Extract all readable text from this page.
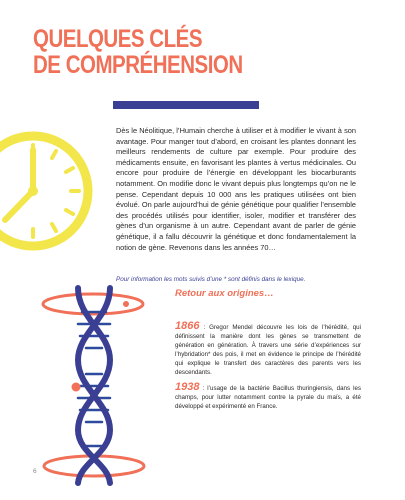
QUELQUES CLÉS
DE COMPRÉHENSION

Dès le Néolitique, l’Humain cherche à utiliser et à modifier le vivant à son avantage. Pour manger tout d’abord, en croisant les plantes donnant les meilleurs rendements de culture par exemple. Pour produire des médicaments ensuite, en favorisant les plantes à vertus médicinales. Ou encore pour produire de l’énergie en développant les biocarburants notamment. On modifie donc le vivant depuis plus longtemps qu’on ne le pense. Cependant depuis 10 000 ans les pratiques utilisées ont bien évolué. On parle aujourd’hui de génie génétique pour qualifier l’ensemble des procédés utilisés pour identifier, isoler, modifier et transférer des gènes d’un organisme à un autre. Cependant avant de parler de génie génétique, il a fallu découvrir la génétique et donc fondamentalement la notion de gène. Revenons dans les années 70…

Pour information les mots suivis d’une * sont définis dans le lexique.

Retour aux origines…

1866 : Gregor Mendel découvre les lois de l’hérédité, qui définissent la manière dont les gènes se transmettent de génération en génération. À travers une série d’expériences sur l’hybridation* des pois, il met en évidence le principe de l’hérédité qui explique le transfert des caractères des parents vers les descendants.

1938 : l’usage de la bactérie Bacillus thuringiensis, dans les champs, pour lutter notamment contre la pyrale du maïs, a été développé et expérimenté en France.

6
